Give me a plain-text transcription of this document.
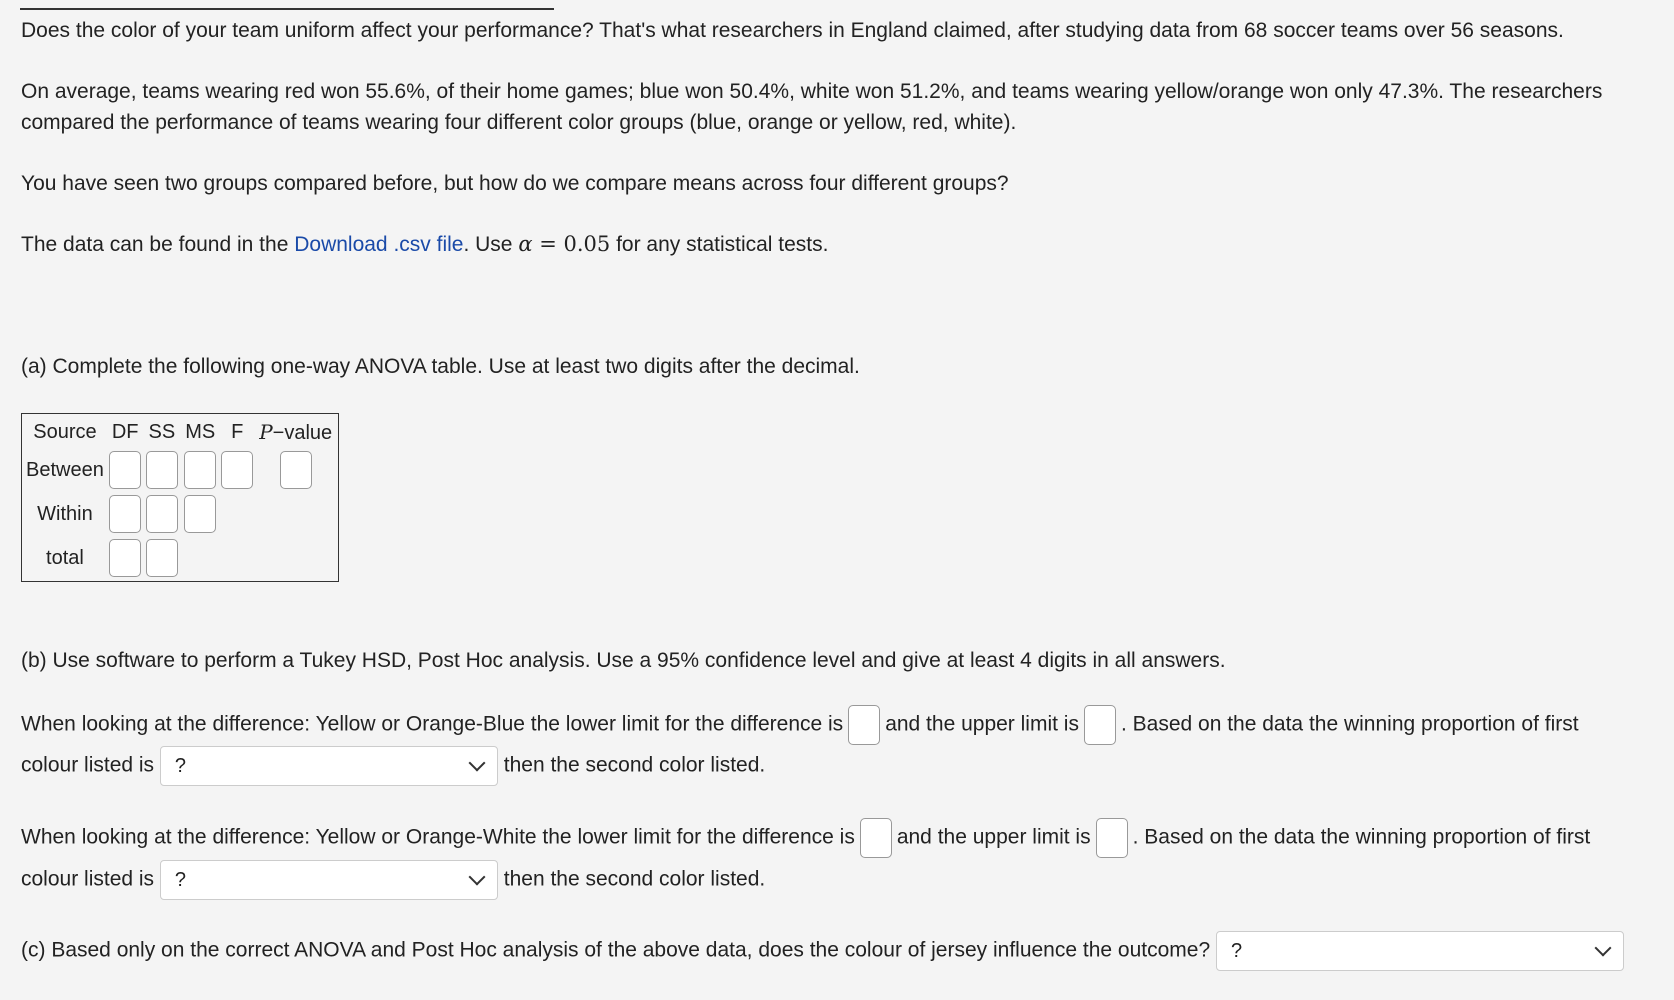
Does the color of your team uniform affect your performance? That's what researchers in England claimed, after studying data from 68 soccer teams over 56 seasons.

On average, teams wearing red won 55.6%, of their home games; blue won 50.4%, white won 51.2%, and teams wearing yellow/orange won only 47.3%. The researchers compared the performance of teams wearing four different color groups (blue, orange or yellow, red, white).

You have seen two groups compared before, but how do we compare means across four different groups?

The data can be found in the Download .csv file. Use α = 0.05 for any statistical tests.

(a) Complete the following one-way ANOVA table. Use at least two digits after the decimal.

Source	DF	SS	MS	F	P−value
Between					
Within					
total					

(b) Use software to perform a Tukey HSD, Post Hoc analysis. Use a 95% confidence level and give at least 4 digits in all answers.

When looking at the difference: Yellow or Orange-Blue the lower limit for the difference is and the upper limit is . Based on the data the winning proportion of first
colour listed is ?	then the second color listed.
When looking at the difference: Yellow or Orange-White the lower limit for the difference is and the upper limit is . Based on the data the winning proportion of first
colour listed is ?	then the second color listed.
(c) Based only on the correct ANOVA and Post Hoc analysis of the above data, does the colour of jersey influence the outcome? ?
